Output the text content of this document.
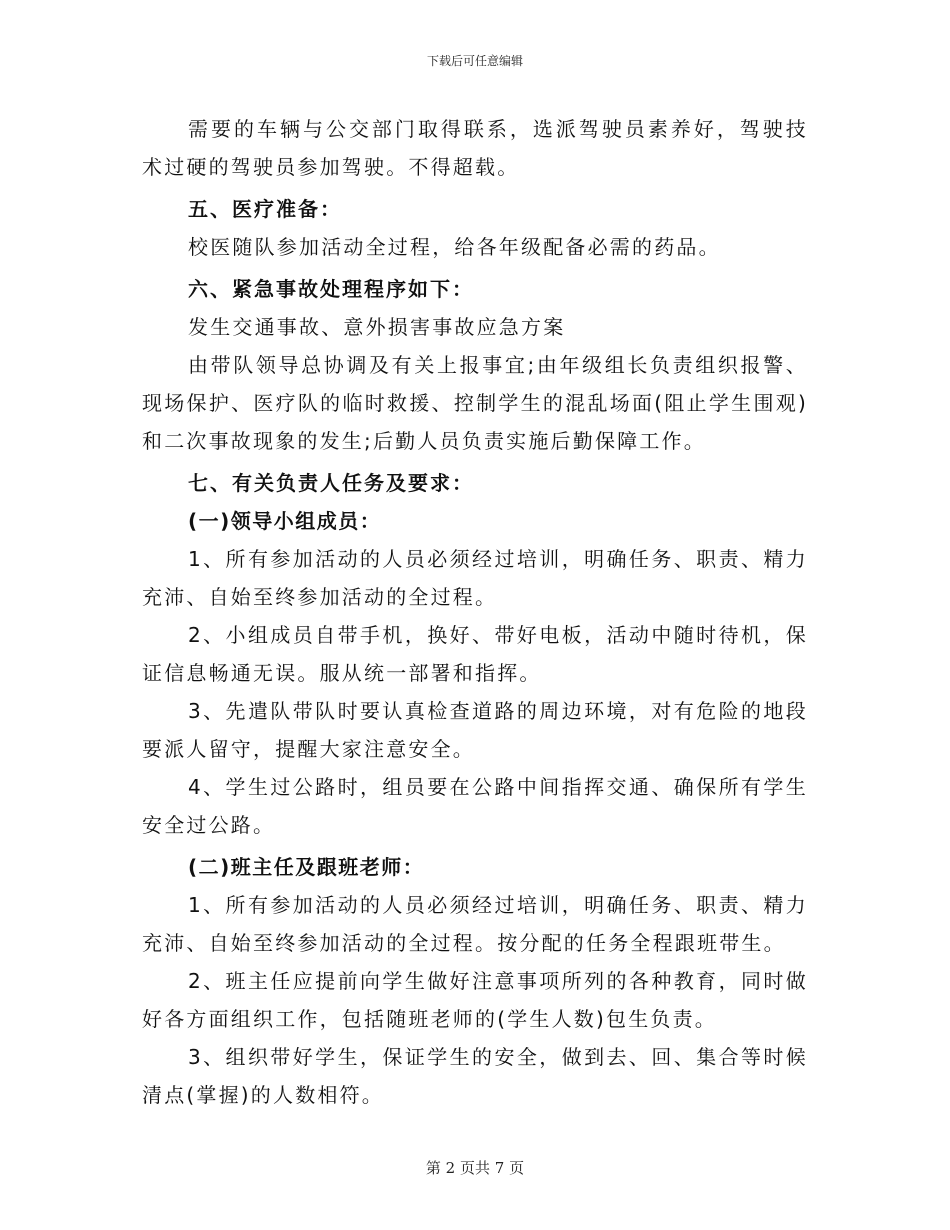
下载后可任意编辑

需要的车辆与公交部门取得联系，选派驾驶员素养好，驾驶技术过硬的驾驶员参加驾驶。不得超载。

五、医疗准备：

校医随队参加活动全过程，给各年级配备必需的药品。

六、紧急事故处理程序如下：

发生交通事故、意外损害事故应急方案

由带队领导总协调及有关上报事宜;由年级组长负责组织报警、现场保护、医疗队的临时救援、控制学生的混乱场面(阻止学生围观)和二次事故现象的发生;后勤人员负责实施后勤保障工作。

七、有关负责人任务及要求：

(一)领导小组成员：

1、所有参加活动的人员必须经过培训，明确任务、职责、精力充沛、自始至终参加活动的全过程。

2、小组成员自带手机，换好、带好电板，活动中随时待机，保证信息畅通无误。服从统一部署和指挥。

3、先遣队带队时要认真检查道路的周边环境，对有危险的地段要派人留守，提醒大家注意安全。

4、学生过公路时，组员要在公路中间指挥交通、确保所有学生安全过公路。

(二)班主任及跟班老师：

1、所有参加活动的人员必须经过培训，明确任务、职责、精力充沛、自始至终参加活动的全过程。按分配的任务全程跟班带生。

2、班主任应提前向学生做好注意事项所列的各种教育，同时做好各方面组织工作，包括随班老师的(学生人数)包生负责。

3、组织带好学生，保证学生的安全，做到去、回、集合等时候清点(掌握)的人数相符。

第 2 页共 7 页
